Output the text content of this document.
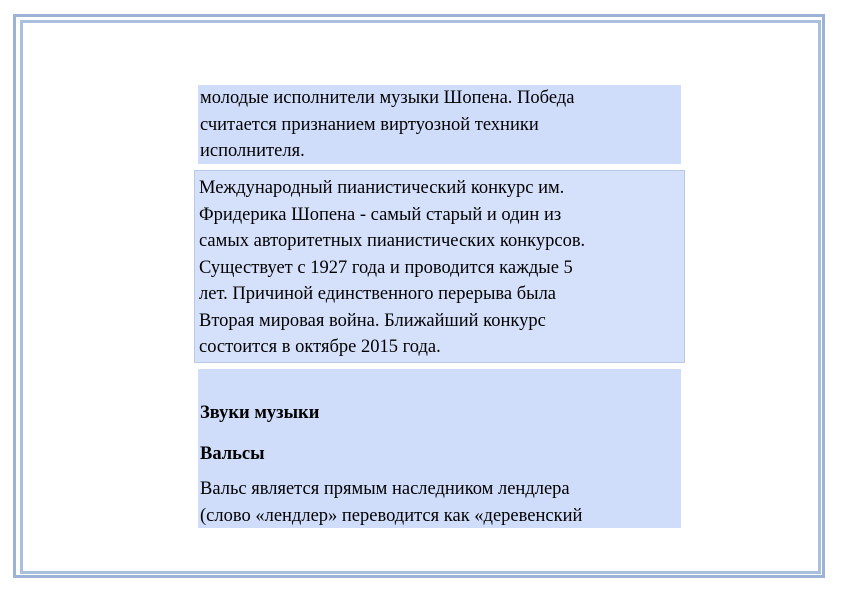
молодые исполнители музыки Шопена. Победа
считается признанием виртуозной техники
исполнителя.

Международный пианистический конкурс им.
Фридерика Шопена - самый старый и один из
самых авторитетных пианистических конкурсов.
Существует с 1927 года и проводится каждые 5
лет. Причиной единственного перерыва была
Вторая мировая война. Ближайший конкурс
состоится в октябре 2015 года.

Звуки музыки
Вальсы

Вальс является прямым наследником лендлера
(слово «лендлер» переводится как «деревенский
